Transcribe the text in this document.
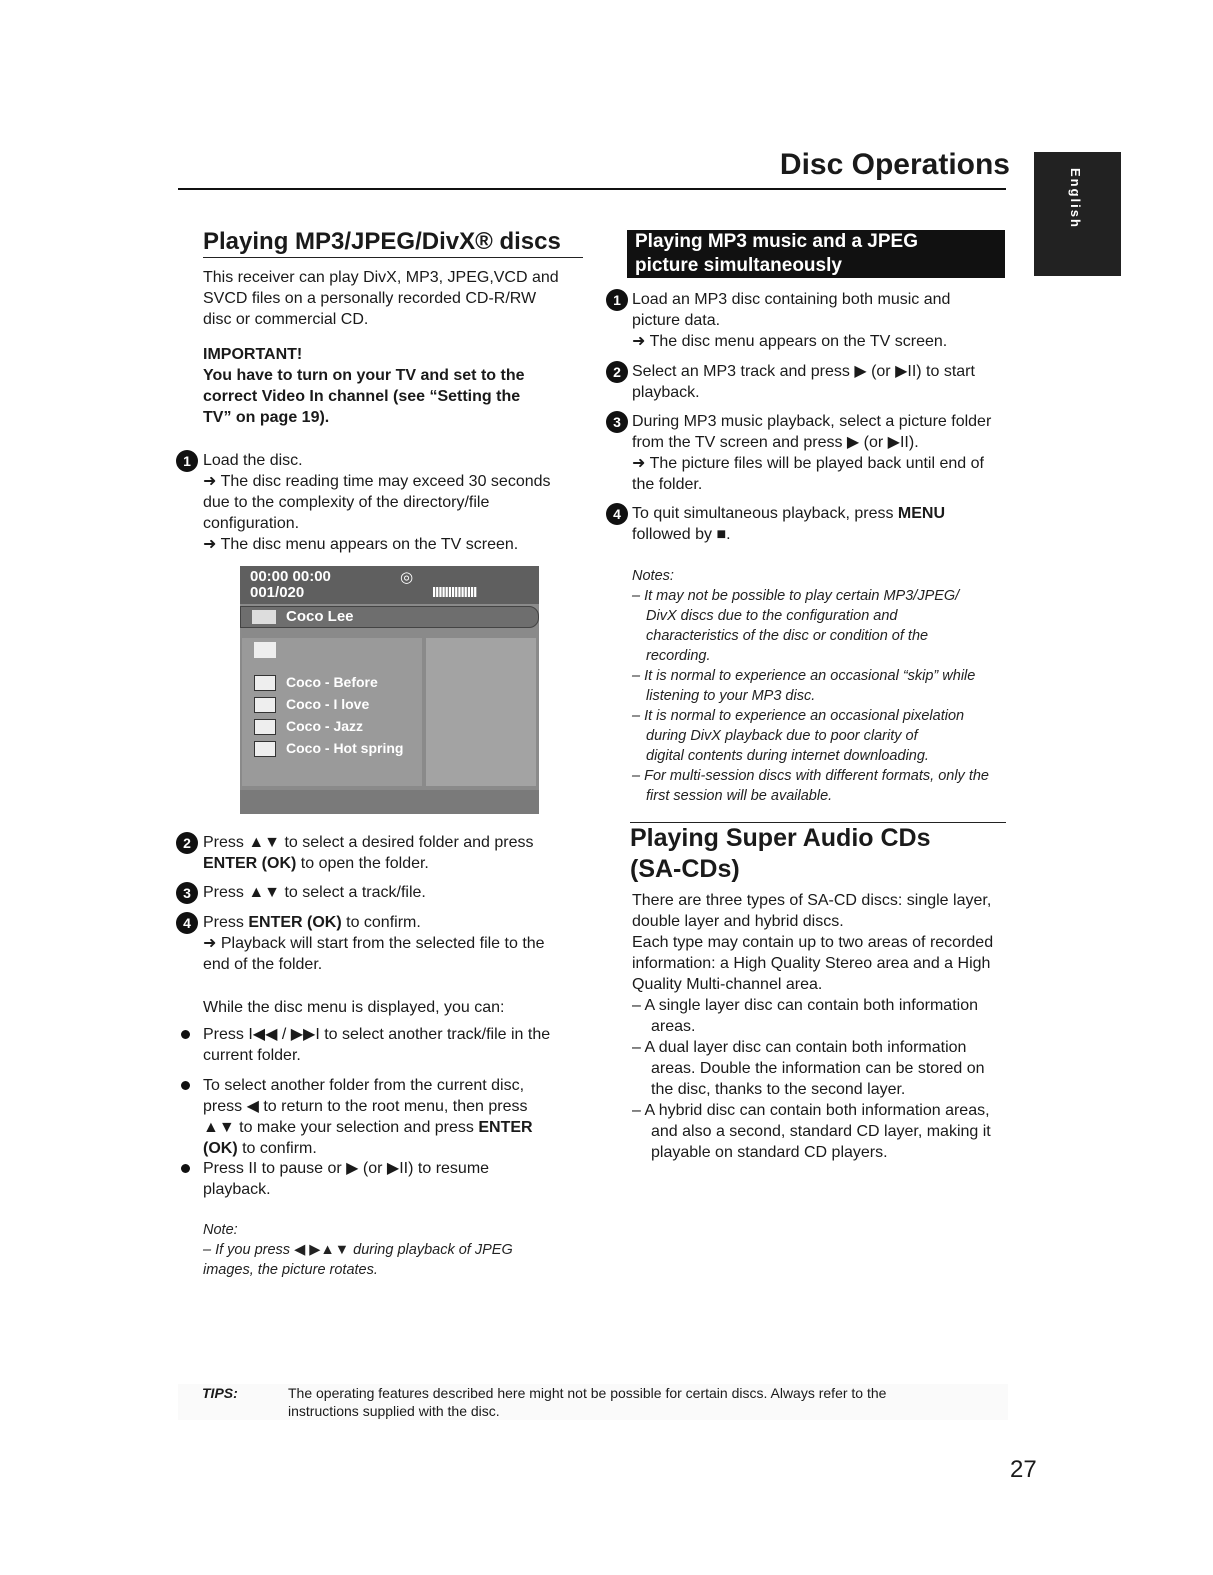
Disc Operations
English
Playing MP3/JPEG/DivX® discs
This receiver can play DivX, MP3, JPEG,VCD and
SVCD files on a personally recorded CD-R/RW
disc or commercial CD.
IMPORTANT!
You have to turn on your TV and set to the
correct Video In channel (see “Setting the
TV” on page 19).
1 Load the disc.
➜ The disc reading time may exceed 30 seconds
due to the complexity of the directory/file
configuration.
➜ The disc menu appears on the TV screen.
00:00 00:00
001/020
◎
IIIIIIIIIIIIII
Coco Lee
Coco - Before
Coco - I love
Coco - Jazz
Coco - Hot spring
2 Press ▲▼ to select a desired folder and press
ENTER (OK) to open the folder.
3 Press ▲▼ to select a track/file.
4 Press ENTER (OK) to confirm.
➜ Playback will start from the selected file to the
end of the folder.
While the disc menu is displayed, you can:
Press I◀◀ / ▶▶I to select another track/file in the
current folder.
To select another folder from the current disc,
press ◀ to return to the root menu, then press
▲▼ to make your selection and press ENTER
(OK) to confirm.
Press II to pause or ▶ (or ▶II) to resume
playback.
Note:
– If you press ◀ ▶▲▼ during playback of JPEG
images, the picture rotates.
Playing MP3 music and a JPEG
picture simultaneously
1 Load an MP3 disc containing both music and
picture data.
➜ The disc menu appears on the TV screen.
2 Select an MP3 track and press ▶ (or ▶II) to start
playback.
3 During MP3 music playback, select a picture folder
from the TV screen and press ▶ (or ▶II).
➜ The picture files will be played back until end of
the folder.
4 To quit simultaneous playback, press MENU
followed by ■.
Notes:
– It may not be possible to play certain MP3/JPEG/
DivX discs due to the configuration and
characteristics of the disc or condition of the
recording.
– It is normal to experience an occasional “skip” while
listening to your MP3 disc.
– It is normal to experience an occasional pixelation
during DivX playback due to poor clarity of
digital contents during internet downloading.
– For multi-session discs with different formats, only the
first session will be available.
Playing Super Audio CDs
(SA-CDs)
There are three types of SA-CD discs: single layer,
double layer and hybrid discs.
Each type may contain up to two areas of recorded
information: a High Quality Stereo area and a High
Quality Multi-channel area.
– A single layer disc can contain both information
areas.
– A dual layer disc can contain both information
areas. Double the information can be stored on
the disc, thanks to the second layer.
– A hybrid disc can contain both information areas,
and also a second, standard CD layer, making it
playable on standard CD players.
TIPS:	The operating features described here might not be possible for certain discs. Always refer to the
instructions supplied with the disc.
27
